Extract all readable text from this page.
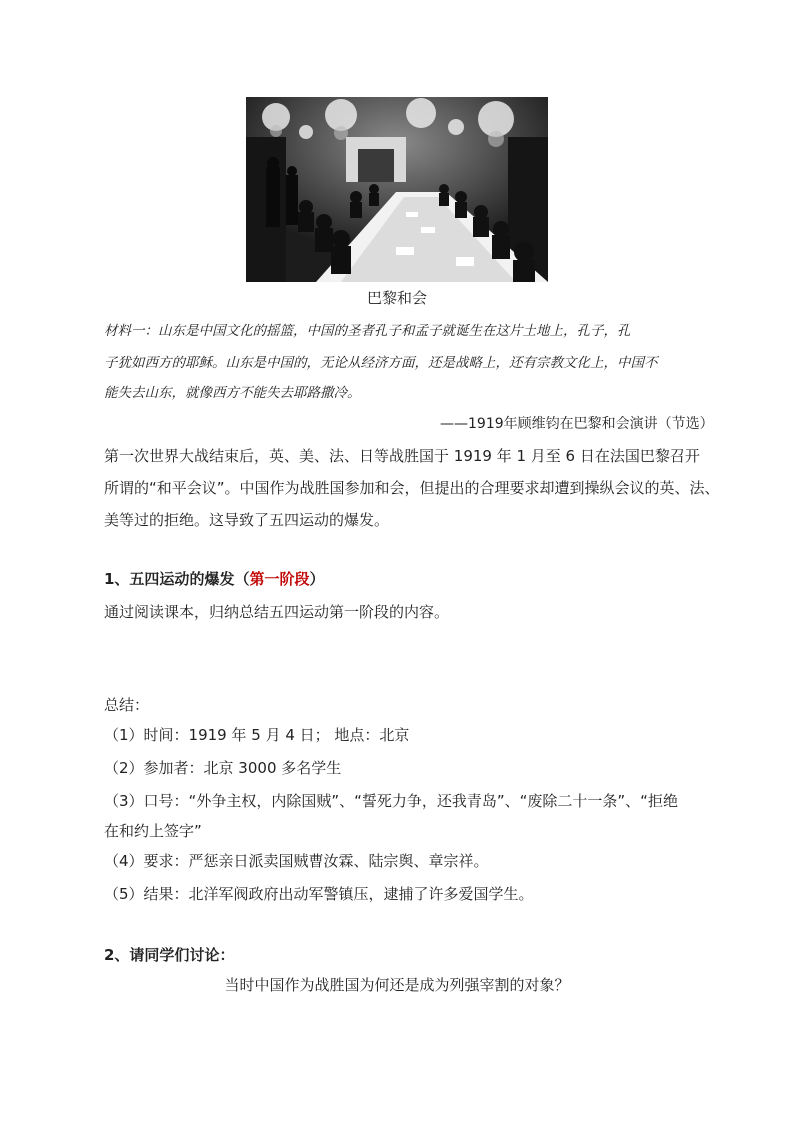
巴黎和会
材料一：山东是中国文化的摇篮，中国的圣者孔子和孟子就诞生在这片土地上，孔子，孔
子犹如西方的耶稣。山东是中国的，无论从经济方面，还是战略上，还有宗教文化上，中国不
能失去山东，就像西方不能失去耶路撒冷。
——1919年顾维钧在巴黎和会演讲（节选）
第一次世界大战结束后，英、美、法、日等战胜国于 1919 年 1 月至 6 日在法国巴黎召开
所谓的“和平会议”。中国作为战胜国参加和会，但提出的合理要求却遭到操纵会议的英、法、
美等过的拒绝。这导致了五四运动的爆发。
1、五四运动的爆发（第一阶段）
通过阅读课本，归纳总结五四运动第一阶段的内容。
总结：
（1）时间：1919 年 5 月 4 日； 地点：北京
（2）参加者：北京 3000 多名学生
（3）口号：“外争主权，内除国贼”、“誓死力争，还我青岛”、“废除二十一条”、“拒绝
在和约上签字”
（4）要求：严惩亲日派卖国贼曹汝霖、陆宗舆、章宗祥。
（5）结果：北洋军阀政府出动军警镇压，逮捕了许多爱国学生。
2、请同学们讨论：
当时中国作为战胜国为何还是成为列强宰割的对象？
